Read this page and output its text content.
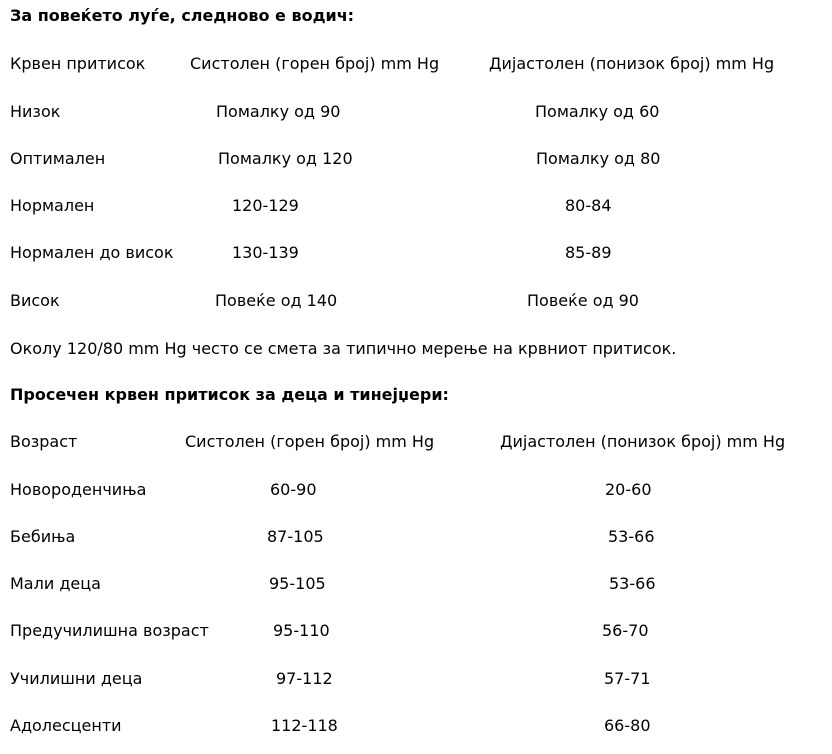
За повеќето луѓе, следново е водич:
Крвен притисок	Систолен (горен број) mm Hg	Дијастолен (понизок број) mm Hg
Низок	Помалку од 90	Помалку од 60
Оптимален	Помалку од 120	Помалку од 80
Нормален	120-129	80-84
Нормален до висок	130-139	85-89
Висок	Повеќе од 140	Повеќе од 90
Околу 120/80 mm Hg често се смета за типично мерење на крвниот притисок.
Просечен крвен притисок за деца и тинејџери:
Возраст	Систолен (горен број) mm Hg	Дијастолен (понизок број) mm Hg
Новороденчиња	60-90	20-60
Бебиња	87-105	53-66
Мали деца	95-105	53-66
Предучилишна возраст	95-110	56-70
Училишни деца	97-112	57-71
Адолесценти	112-118	66-80
